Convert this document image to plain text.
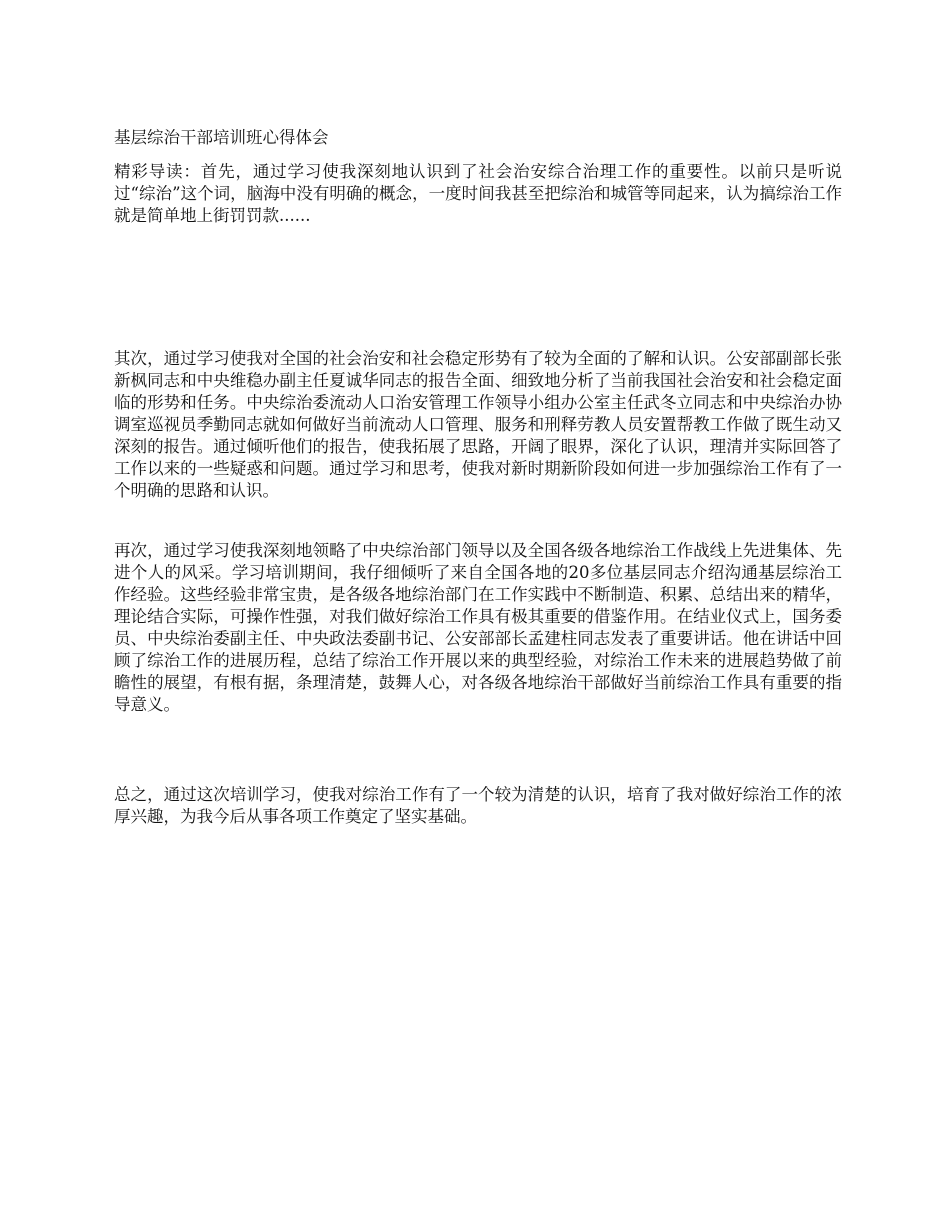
基层综治干部培训班心得体会

精彩导读：首先，通过学习使我深刻地认识到了社会治安综合治理工作的重要性。以前只是听说过“综治”这个词，脑海中没有明确的概念，一度时间我甚至把综治和城管等同起来，认为搞综治工作就是简单地上街罚罚款......

其次，通过学习使我对全国的社会治安和社会稳定形势有了较为全面的了解和认识。公安部副部长张新枫同志和中央维稳办副主任夏诚华同志的报告全面、细致地分析了当前我国社会治安和社会稳定面临的形势和任务。中央综治委流动人口治安管理工作领导小组办公室主任武冬立同志和中央综治办协调室巡视员季勤同志就如何做好当前流动人口管理、服务和刑释劳教人员安置帮教工作做了既生动又深刻的报告。通过倾听他们的报告，使我拓展了思路，开阔了眼界，深化了认识，理清并实际回答了工作以来的一些疑惑和问题。通过学习和思考，使我对新时期新阶段如何进一步加强综治工作有了一个明确的思路和认识。

再次，通过学习使我深刻地领略了中央综治部门领导以及全国各级各地综治工作战线上先进集体、先进个人的风采。学习培训期间，我仔细倾听了来自全国各地的20多位基层同志介绍沟通基层综治工作经验。这些经验非常宝贵，是各级各地综治部门在工作实践中不断制造、积累、总结出来的精华，理论结合实际，可操作性强，对我们做好综治工作具有极其重要的借鉴作用。在结业仪式上，国务委员、中央综治委副主任、中央政法委副书记、公安部部长孟建柱同志发表了重要讲话。他在讲话中回顾了综治工作的进展历程，总结了综治工作开展以来的典型经验，对综治工作未来的进展趋势做了前瞻性的展望，有根有据，条理清楚，鼓舞人心，对各级各地综治干部做好当前综治工作具有重要的指导意义。

总之，通过这次培训学习，使我对综治工作有了一个较为清楚的认识，培育了我对做好综治工作的浓厚兴趣，为我今后从事各项工作奠定了坚实基础。
